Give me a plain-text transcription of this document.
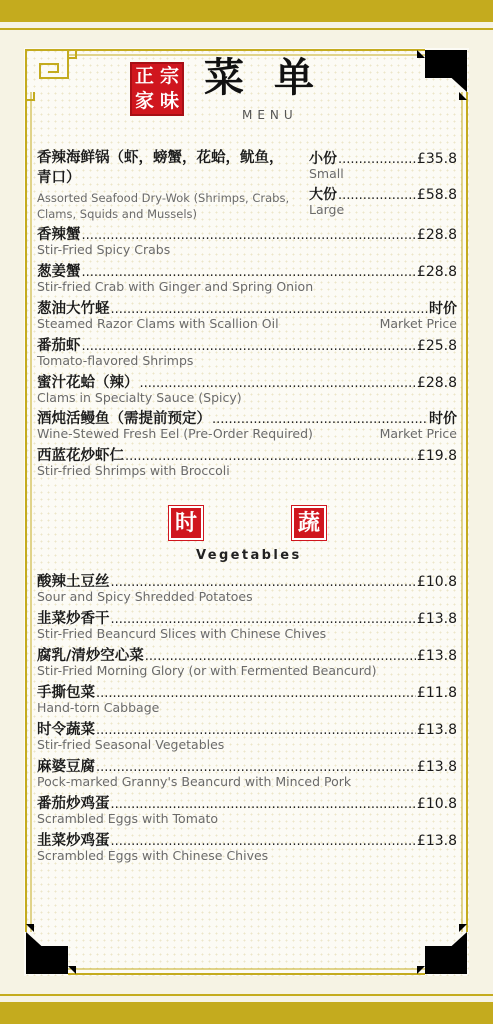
正 宗
家 味 菜单
MENU
香辣海鲜锅（虾，螃蟹，花蛤，鱿鱼，青口）
Assorted Seafood Dry-Wok (Shrimps, Crabs, Clams, Squids and Mussels)
小份 .....	£35.8
Small
大份 .....	£58.8
Large
香辣蟹 .....	£28.8
Stir-Fried Spicy Crabs
葱姜蟹 .....	£28.8
Stir-fried Crab with Ginger and Spring Onion
葱油大竹蛏 .....	时价
Steamed Razor Clams with Scallion Oil	Market Price
番茄虾 .....	£25.8
Tomato-flavored Shrimps
蜜汁花蛤（辣） .....	£28.8
Clams in Specialty Sauce (Spicy)
酒炖活鳗鱼（需提前预定） .....	时价
Wine-Stewed Fresh Eel (Pre-Order Required)	Market Price
西蓝花炒虾仁 .....	£19.8
Stir-fried Shrimps with Broccoli
时	蔬
Vegetables
酸辣土豆丝 .....	£10.8
Sour and Spicy Shredded Potatoes
韭菜炒香干 .....	£13.8
Stir-Fried Beancurd Slices with Chinese Chives
腐乳/清炒空心菜 .....	£13.8
Stir-Fried Morning Glory (or with Fermented Beancurd)
手撕包菜 .....	£11.8
Hand-torn Cabbage
时令蔬菜 .....	£13.8
Stir-fried Seasonal Vegetables
麻婆豆腐 .....	£13.8
Pock-marked Granny's Beancurd with Minced Pork
番茄炒鸡蛋 .....	£10.8
Scrambled Eggs with Tomato
韭菜炒鸡蛋 .....	£13.8
Scrambled Eggs with Chinese Chives
